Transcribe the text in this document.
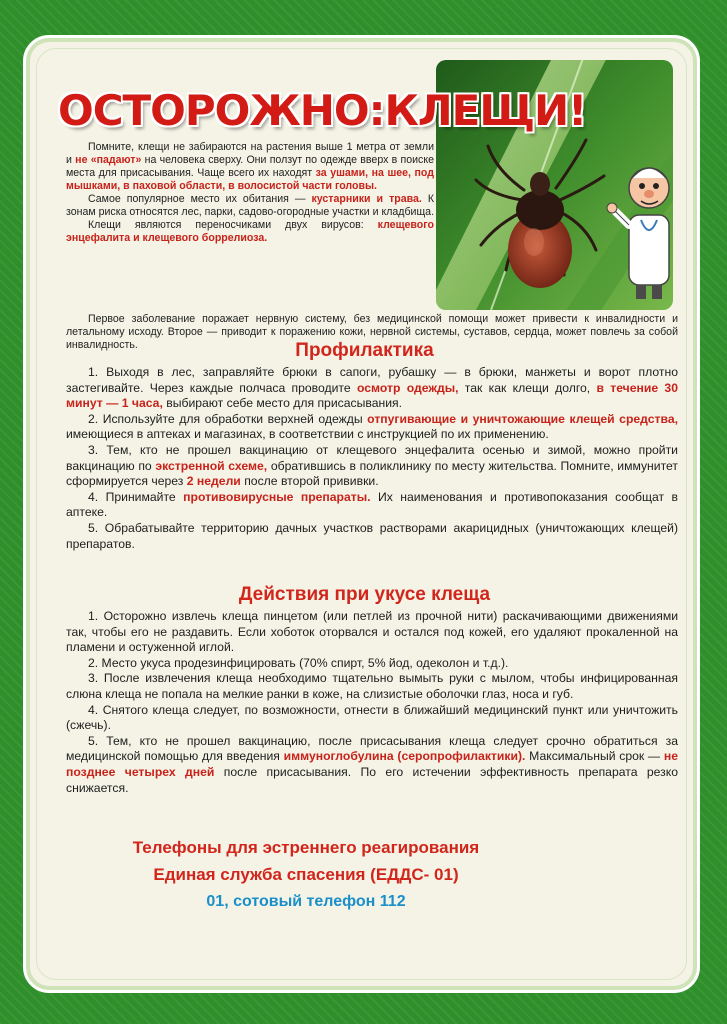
ОСТОРОЖНО:КЛЕЩИ!

Помните, клещи не забираются на растения выше 1 метра от земли и не «падают» на человека сверху. Они ползут по одежде вверх в поиске места для присасывания. Чаще всего их находят за ушами, на шее, под мышками, в паховой области, в волосистой части головы.

Самое популярное место их обитания — кустарники и трава. К зонам риска относятся лес, парки, садово-огородные участки и кладбища.

Клещи являются переносчиками двух вирусов: клещевого энцефалита и клещевого боррелиоза.

Первое заболевание поражает нервную систему, без медицинской помощи может привести к инвалидности и летальному исходу. Второе — приводит к поражению кожи, нервной системы, суставов, сердца, может повлечь за собой инвалидность.	Профилактика

1. Выходя в лес, заправляйте брюки в сапоги, рубашку — в брюки, манжеты и ворот плотно застегивайте. Через каждые полчаса проводите осмотр одежды, так как клещи долго, в течение 30 минут — 1 часа, выбирают себе место для присасывания.

2. Используйте для обработки верхней одежды отпугивающие и уничтожающие клещей средства, имеющиеся в аптеках и магазинах, в соответствии с инструкцией по их применению.

3. Тем, кто не прошел вакцинацию от клещевого энцефалита осенью и зимой, можно пройти вакцинацию по экстренной схеме, обратившись в поликлинику по месту жительства. Помните, иммунитет сформируется через 2 недели после второй прививки.

4. Принимайте противовирусные препараты. Их наименования и противопоказания сообщат в аптеке.

5. Обрабатывайте территорию дачных участков растворами акарицидных (уничтожающих клещей) препаратов.

Действия при укусе клеща

1. Осторожно извлечь клеща пинцетом (или петлей из прочной нити) раскачивающими движениями так, чтобы его не раздавить. Если хоботок оторвался и остался под кожей, его удаляют прокаленной на пламени и остуженной иглой.

2. Место укуса продезинфицировать (70% спирт, 5% йод, одеколон и т.д.).

3. После извлечения клеща необходимо тщательно вымыть руки с мылом, чтобы инфицированная слюна клеща не попала на мелкие ранки в коже, на слизистые оболочки глаз, носа и губ.

4. Снятого клеща следует, по возможности, отнести в ближайший медицинский пункт или уничтожить (сжечь).

5. Тем, кто не прошел вакцинацию, после присасывания клеща следует срочно обратиться за медицинской помощью для введения иммуноглобулина (серопрофилактики). Максимальный срок — не позднее четырех дней после присасывания. По его истечении эффективность препарата резко снижается.

Телефоны для эстреннего реагирования

Единая служба спасения (ЕДДС- 01)

01, сотовый телефон 112
